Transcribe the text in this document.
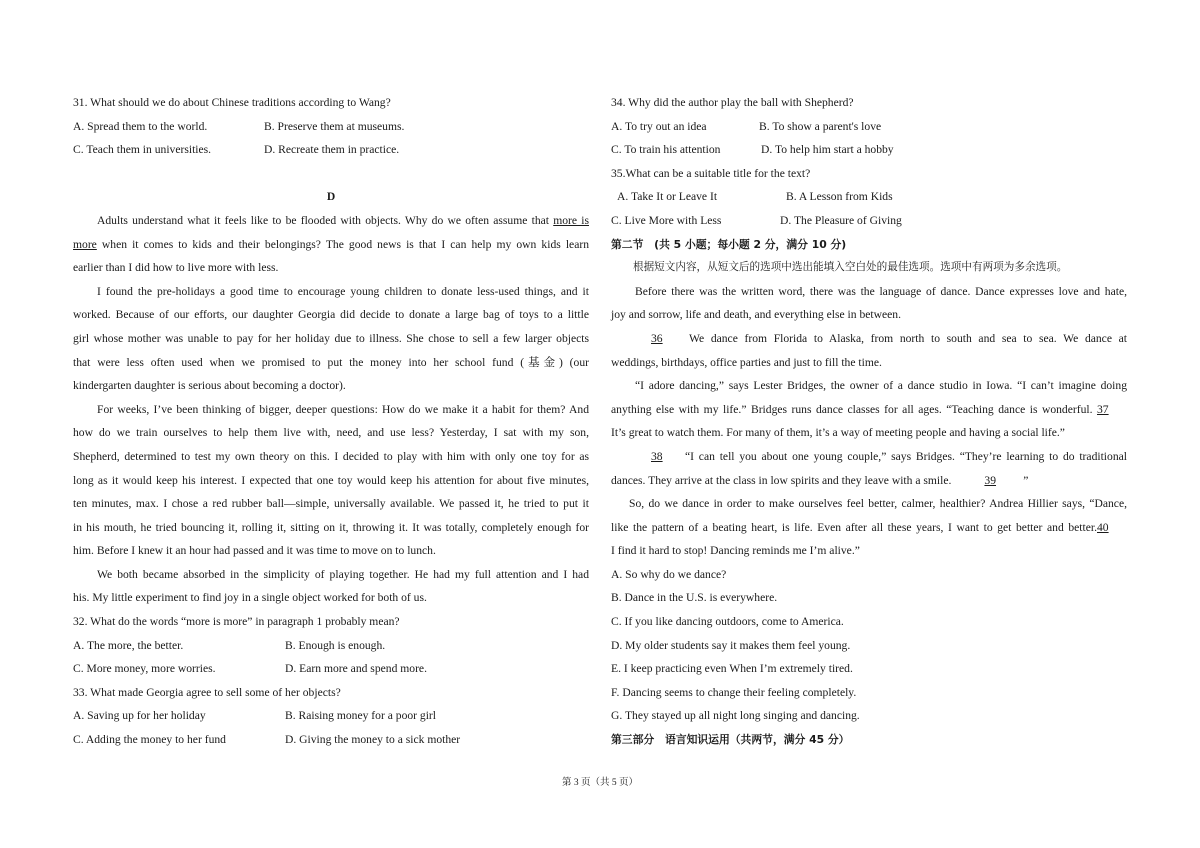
31. What should we do about Chinese traditions according to Wang?
A. Spread them to the world.	B. Preserve them at museums.
C. Teach them in universities.	D. Recreate them in practice.
D
Adults understand what it feels like to be flooded with objects. Why do we often assume that more is
more when it comes to kids and their belongings? The good news is that I can help my own kids learn
earlier than I did how to live more with less.
I found the pre-holidays a good time to encourage young children to donate less-used things, and it
worked. Because of our efforts, our daughter Georgia did decide to donate a large bag of toys to a little
girl whose mother was unable to pay for her holiday due to illness. She chose to sell a few larger objects
that were less often used when we promised to put the money into her school fund (基金) (our
kindergarten daughter is serious about becoming a doctor).
For weeks, I’ve been thinking of bigger, deeper questions: How do we make it a habit for them? And
how do we train ourselves to help them live with, need, and use less? Yesterday, I sat with my son,
Shepherd, determined to test my own theory on this. I decided to play with him with only one toy for as
long as it would keep his interest. I expected that one toy would keep his attention for about five minutes,
ten minutes, max. I chose a red rubber ball—simple, universally available. We passed it, he tried to put it
in his mouth, he tried bouncing it, rolling it, sitting on it, throwing it. It was totally, completely enough for
him. Before I knew it an hour had passed and it was time to move on to lunch.
We both became absorbed in the simplicity of playing together. He had my full attention and I had
his. My little experiment to find joy in a single object worked for both of us.
32. What do the words “more is more” in paragraph 1 probably mean?
A. The more, the better.	B. Enough is enough.
C. More money, more worries.	D. Earn more and spend more.
33. What made Georgia agree to sell some of her objects?
A. Saving up for her holiday	B. Raising money for a poor girl
C. Adding the money to her fund	D. Giving the money to a sick mother
34. Why did the author play the ball with Shepherd?
A. To try out an idea	B. To show a parent's love
C. To train his attention	D. To help him start a hobby
35.What can be a suitable title for the text?
A. Take It or Leave It	B. A Lesson from Kids
C. Live More with Less	D. The Pleasure of Giving
第二节　(共 5 小题；每小题 2 分，满分 10 分)
根据短文内容，从短文后的选项中选出能填入空白处的最佳选项。选项中有两项为多余选项。
Before there was the written word, there was the language of dance. Dance expresses love and hate,
joy and sorrow, life and death, and everything else in between.
36 We dance from Florida to Alaska, from north to south and sea to sea. We dance at
weddings, birthdays, office parties and just to fill the time.
“I adore dancing,” says Lester Bridges, the owner of a dance studio in Iowa. “I can’t imagine doing
anything else with my life.” Bridges runs dance classes for all ages. “Teaching dance is wonderful. 37
It’s great to watch them. For many of them, it’s a way of meeting people and having a social life.”
38 “I can tell you about one young couple,” says Bridges. “They’re learning to do traditional
dances. They arrive at the class in low spirits and they leave with a smile.	39 ”
So, do we dance in order to make ourselves feel better, calmer, healthier? Andrea Hillier says, “Dance,
like the pattern of a beating heart, is life. Even after all these years, I want to get better and better.40
I find it hard to stop! Dancing reminds me I’m alive.”
A. So why do we dance?
B. Dance in the U.S. is everywhere.
C. If you like dancing outdoors, come to America.
D. My older students say it makes them feel young.
E. I keep practicing even When I’m extremely tired.
F. Dancing seems to change their feeling completely.
G. They stayed up all night long singing and dancing.
第三部分　语言知识运用（共两节，满分 45 分）
第 3 页（共 5 页）
